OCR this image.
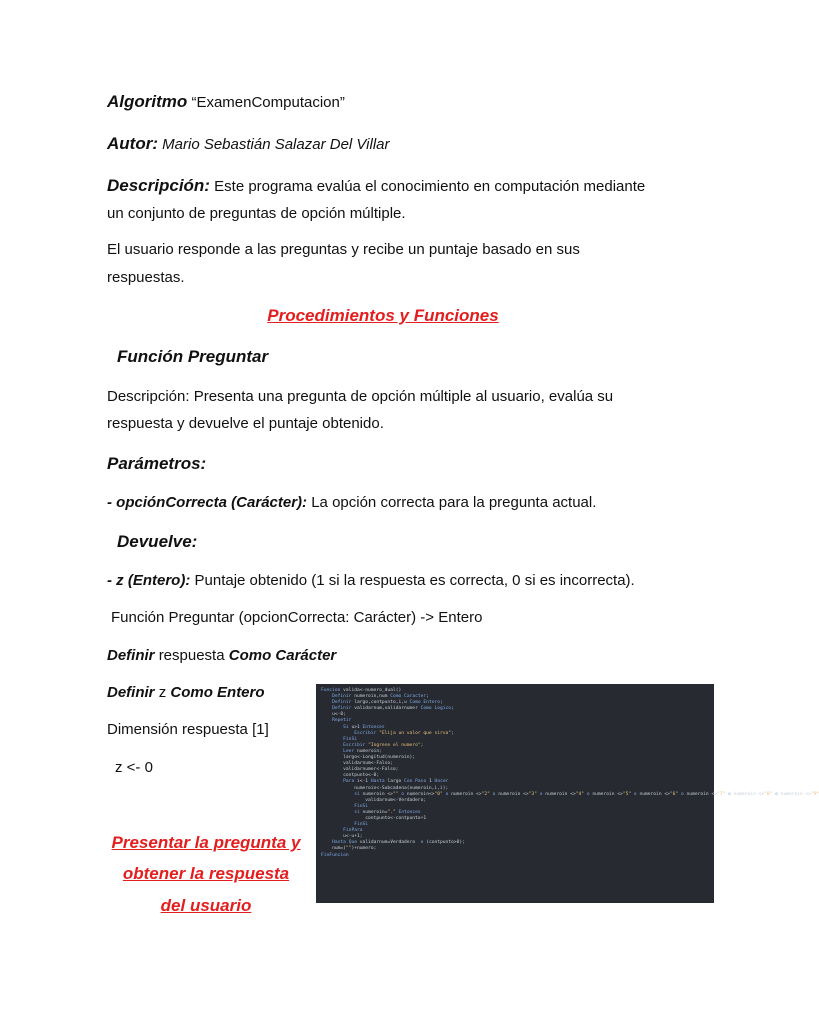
Algoritmo “ExamenComputacion”
Autor: Mario Sebastián Salazar Del Villar
Descripción: Este programa evalúa el conocimiento en computación mediante
un conjunto de preguntas de opción múltiple.
El usuario responde a las preguntas y recibe un puntaje basado en sus
respuestas.
Procedimientos y Funciones
Función Preguntar
Descripción: Presenta una pregunta de opción múltiple al usuario, evalúa su
respuesta y devuelve el puntaje obtenido.
Parámetros:
- opciónCorrecta (Carácter): La opción correcta para la pregunta actual.
Devuelve:
- z (Entero): Puntaje obtenido (1 si la respuesta es correcta, 0 si es incorrecta).
Función Preguntar (opcionCorrecta: Carácter) -> Entero
Definir respuesta Como Carácter
Definir z Como Entero
Dimensión respuesta [1]
z <- 0
Presentar la pregunta y
obtener la respuesta
del usuario
Funcion valida<-numero_dual()
Definir numeroin,num Como Caracter;
Definir largo,contpunto,i,u Como Entero;
Definir validarnum,validarnumer Como Logico;
u<-0;
Repetir
Si u>1 Entonces
Escribir "Elija un valor que sirva";
FinSi
Escribir "Ingrese el numero";
Leer numeroin;
largo<-Longitud(numeroin);
validarnum<-Falso;
validarnumer<-Falso;
contpunto<-0;
Para i<-1 Hasta largo Con Paso 1 Hacer
numeroin<-Subcadena(numeroin,i,i);
si numeroin <>"" o numeroin<>"0" o numeroin <>"2" o numeroin <>"3" o numeroin <>"4" o numeroin <>"5" o numeroin <>"6" o numeroin <>"7" o numeroin <>"8" o numeroin <>"9"
validarnum<-Verdadero;
FinSi
si numeroin="." Entonces
contpunto<-contpunto+1
FinSi
FinPara
u<-u+1;
Hasta Que validarnum=Verdadero  o (contpunto>0);
num=("")+numero;
FinFuncion
